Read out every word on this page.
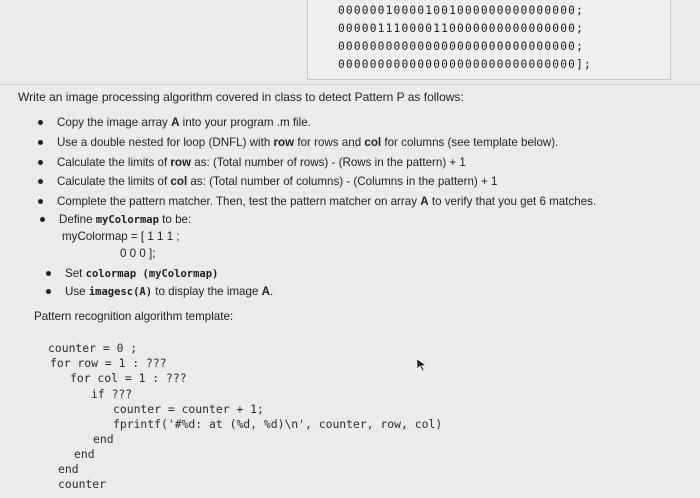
000000100001001000000000000000;
000001110000110000000000000000;
000000000000000000000000000000;
000000000000000000000000000000];
Write an image processing algorithm covered in class to detect Pattern P as follows:
Copy the image array A into your program .m file.
Use a double nested for loop (DNFL) with row for rows and col for columns (see template below).
Calculate the limits of row as: (Total number of rows) - (Rows in the pattern) + 1
Calculate the limits of col as: (Total number of columns) - (Columns in the pattern) + 1
Complete the pattern matcher. Then, test the pattern matcher on array A to verify that you get 6 matches.
Define myColormap to be:
myColormap = [ 1 1 1 ;
0 0 0 ];
Set colormap (myColormap)
Use imagesc(A) to display the image A.
Pattern recognition algorithm template:
counter = 0 ;
for row = 1 : ???
for col = 1 : ???
if ???
counter = counter + 1;
fprintf('#%d: at (%d, %d)\n', counter, row, col)
end
end
end
counter
